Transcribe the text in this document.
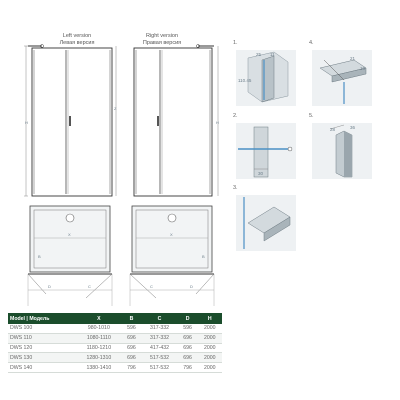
Left version
Левая версия
H
Z
Right version
Правая версия
H
X
B
D	C
X
B
C	D
1.
25 11
110.45
4.
21
10
2.
30
5.
28	36
3.
Model | Модель	X	B	C	D	H
DWS 100	980-1010	596	317-332	596	2000
DWS 110	1080-1110	696	317-332	696	2000
DWS 120	1180-1210	696	417-432	696	2000
DWS 130	1280-1310	696	517-532	696	2000
DWS 140	1380-1410	796	517-532	796	2000
